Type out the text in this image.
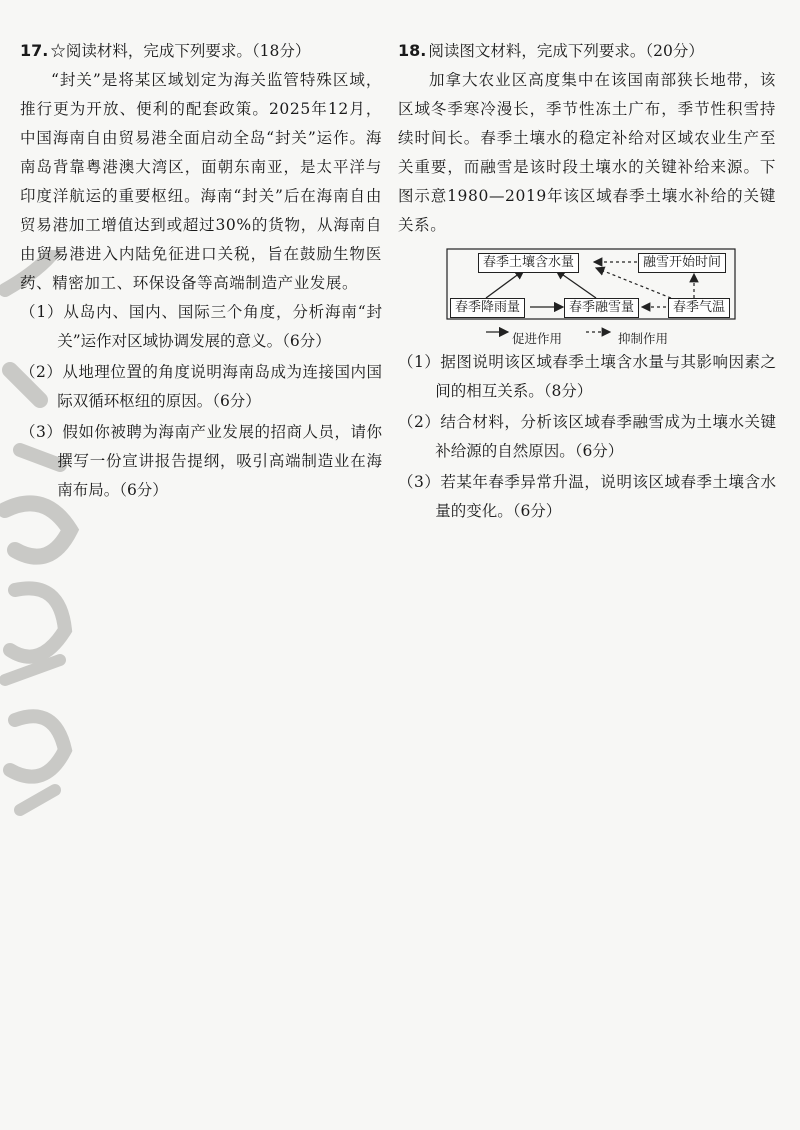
17. ☆阅读材料，完成下列要求。（18分）

“封关”是将某区域划定为海关监管特殊区域，推行更为开放、便利的配套政策。2025年12月，中国海南自由贸易港全面启动全岛“封关”运作。海南岛背靠粤港澳大湾区，面朝东南亚，是太平洋与印度洋航运的重要枢纽。海南“封关”后在海南自由贸易港加工增值达到或超过30%的货物，从海南自由贸易港进入内陆免征进口关税，旨在鼓励生物医药、精密加工、环保设备等高端制造产业发展。

（1）从岛内、国内、国际三个角度，分析海南“封关”运作对区域协调发展的意义。（6分）

（2）从地理位置的角度说明海南岛成为连接国内国际双循环枢纽的原因。（6分）

（3）假如你被聘为海南产业发展的招商人员，请你撰写一份宣讲报告提纲，吸引高端制造业在海南布局。（6分）

18. 阅读图文材料，完成下列要求。（20分）

加拿大农业区高度集中在该国南部狭长地带，该区域冬季寒冷漫长，季节性冻土广布，季节性积雪持续时间长。春季土壤水的稳定补给对区域农业生产至关重要，而融雪是该时段土壤水的关键补给来源。下图示意1980—2019年该区域春季土壤水补给的关键关系。

春季土壤含水量	融雪开始时间
春季降雨量	春季融雪量	春季气温
促进作用	抑制作用

（1）据图说明该区域春季土壤含水量与其影响因素之间的相互关系。（8分）

（2）结合材料，分析该区域春季融雪成为土壤水关键补给源的自然原因。（6分）

（3）若某年春季异常升温，说明该区域春季土壤含水量的变化。（6分）
